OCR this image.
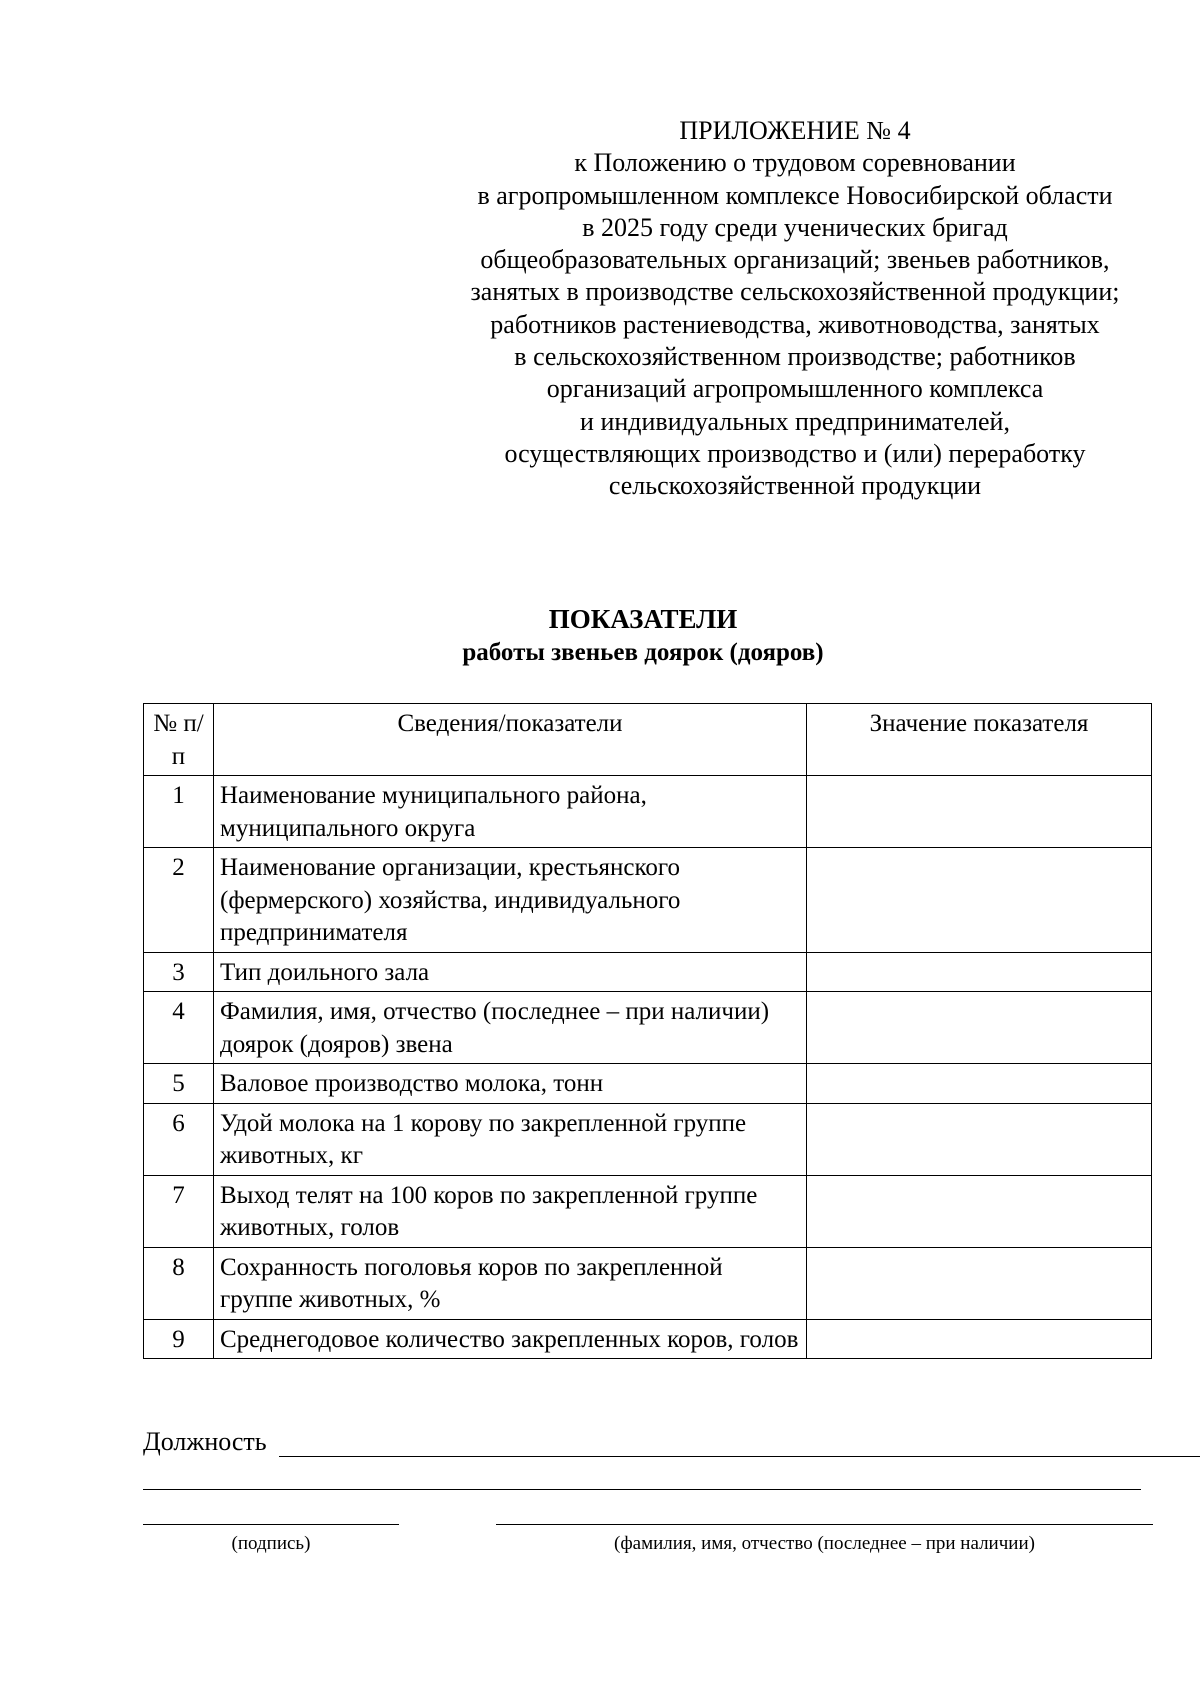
ПРИЛОЖЕНИЕ № 4
к Положению о трудовом соревновании
в агропромышленном комплексе Новосибирской области
в 2025 году среди ученических бригад
общеобразовательных организаций; звеньев работников,
занятых в производстве сельскохозяйственной продукции;
работников растениеводства, животноводства, занятых
в сельскохозяйственном производстве; работников
организаций агропромышленного комплекса
и индивидуальных предпринимателей,
осуществляющих производство и (или) переработку
сельскохозяйственной продукции
ПОКАЗАТЕЛИ
работы звеньев доярок (дояров)
№ п/п	Сведения/показатели	Значение показателя
1	Наименование муниципального района, муниципального округа	
2	Наименование организации, крестьянского (фермерского) хозяйства, индивидуального предпринимателя	
3	Тип доильного зала	
4	Фамилия, имя, отчество (последнее – при наличии) доярок (дояров) звена	
5	Валовое производство молока, тонн	
6	Удой молока на 1 корову по закрепленной группе животных, кг	
7	Выход телят на 100 коров по закрепленной группе животных, голов	
8	Сохранность поголовья коров по закрепленной группе животных, %	
9	Среднегодовое количество закрепленных коров, голов	
Должность
(подпись)	(фамилия, имя, отчество (последнее – при наличии)
